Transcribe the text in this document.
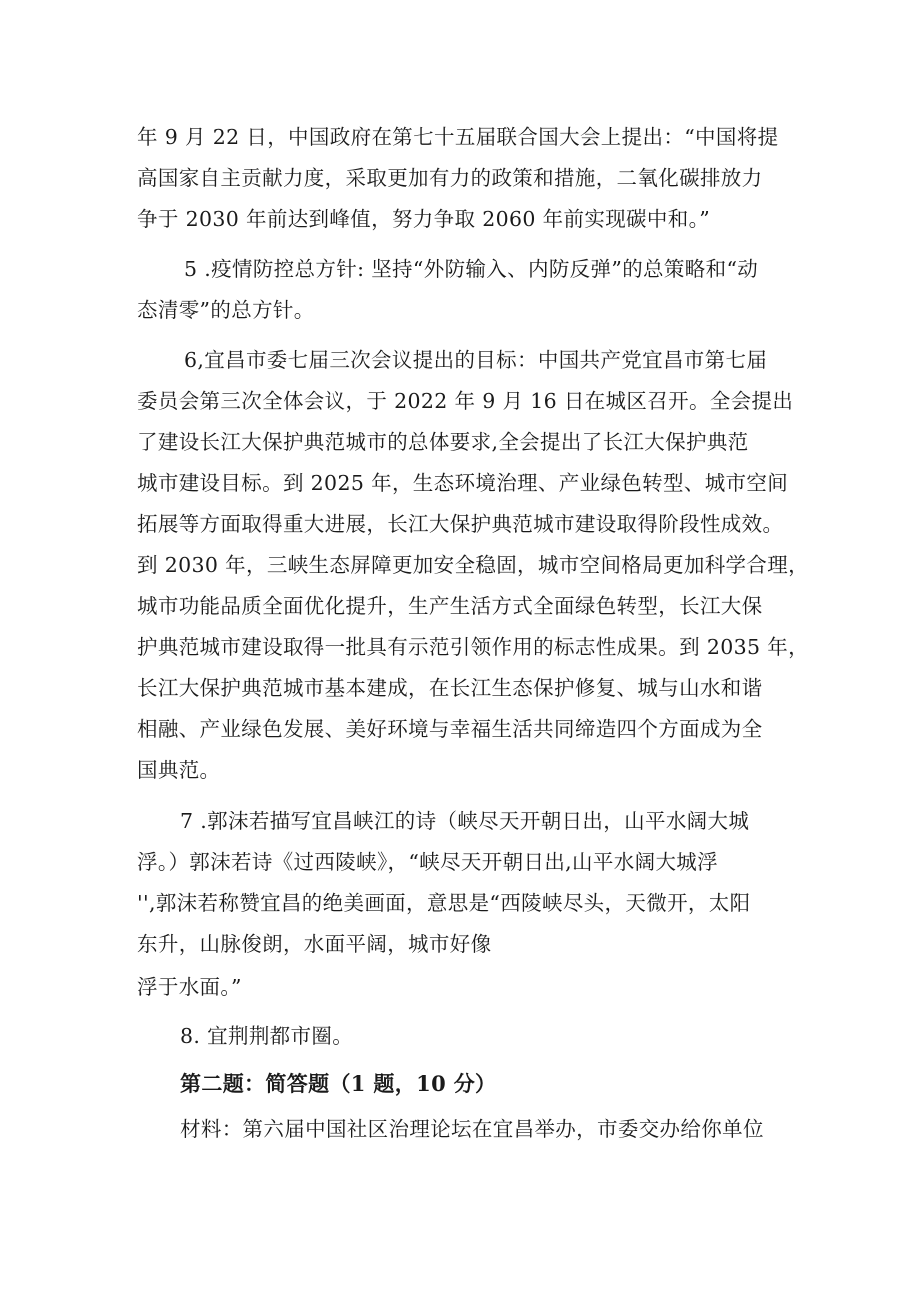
年 9 月 22 日，中国政府在第七十五届联合国大会上提出：“中国将提
高国家自主贡献力度，采取更加有力的政策和措施，二氧化碳排放力
争于 2030 年前达到峰值，努力争取 2060 年前实现碳中和。”
5 .疫情防控总方针: 坚持“外防输入、内防反弹”的总策略和“动
态清零”的总方针。
6,宜昌市委七届三次会议提出的目标：中国共产党宜昌市第七届
委员会第三次全体会议，于 2022 年 9 月 16 日在城区召开。全会提出
了建设长江大保护典范城市的总体要求,全会提出了长江大保护典范
城市建设目标。到 2025 年，生态环境治理、产业绿色转型、城市空间
拓展等方面取得重大进展，长江大保护典范城市建设取得阶段性成效。
到 2030 年，三峡生态屏障更加安全稳固，城市空间格局更加科学合理，
城市功能品质全面优化提升，生产生活方式全面绿色转型，长江大保
护典范城市建设取得一批具有示范引领作用的标志性成果。到 2035 年，
长江大保护典范城市基本建成，在长江生态保护修复、城与山水和谐
相融、产业绿色发展、美好环境与幸福生活共同缔造四个方面成为全
国典范。
7 .郭沫若描写宜昌峡江的诗（峡尽天开朝日出，山平水阔大城
浮。）郭沫若诗《过西陵峡》，“峡尽天开朝日出,山平水阔大城浮
'',郭沫若称赞宜昌的绝美画面，意思是“西陵峡尽头，天微开，太阳
东升，山脉俊朗，水面平阔，城市好像
浮于水面。”
8. 宜荆荆都市圈。
第二题：简答题（1 题，10 分）
材料：第六届中国社区治理论坛在宜昌举办，市委交办给你单位
